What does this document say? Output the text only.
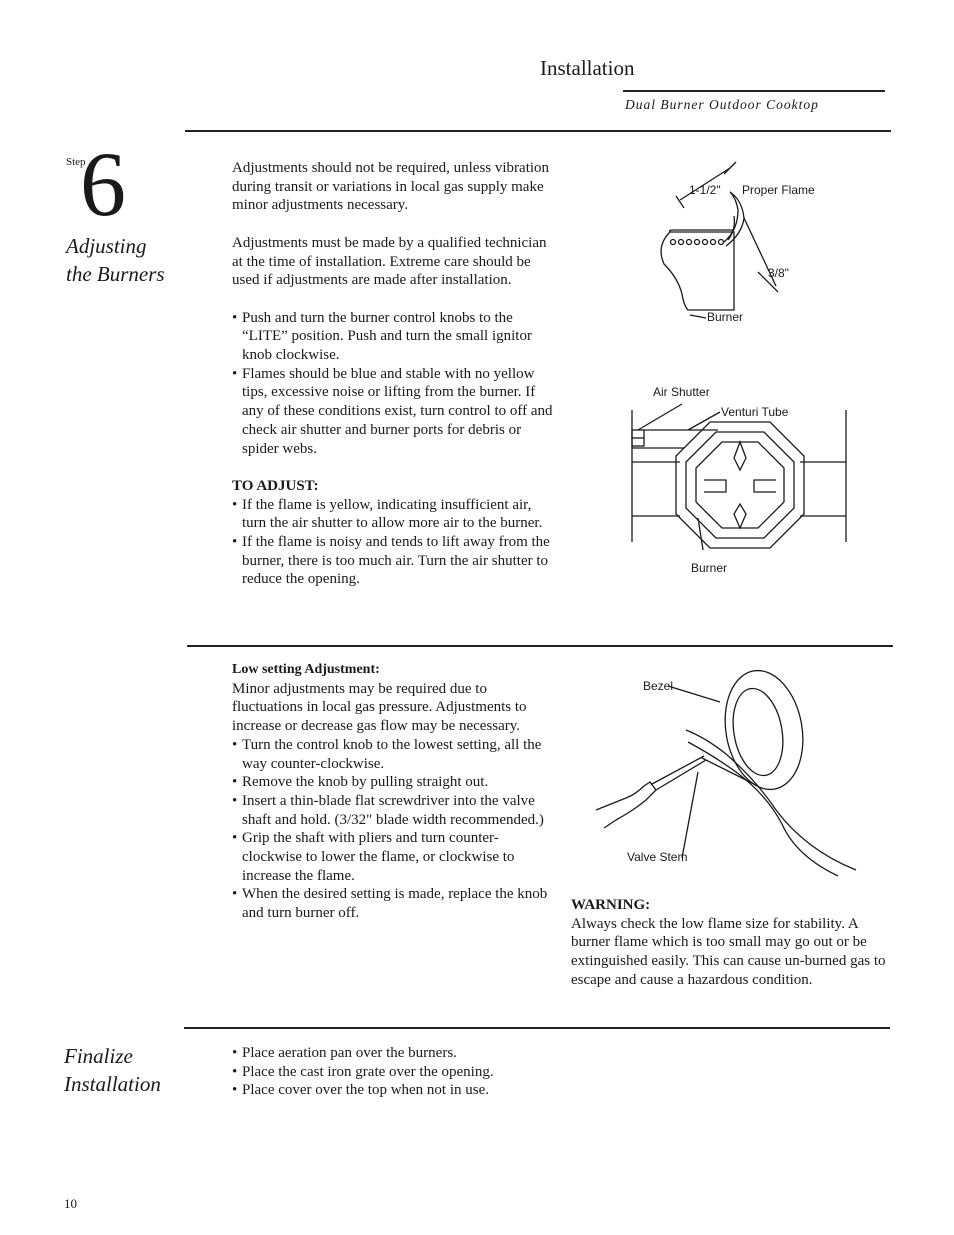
Installation
Dual Burner Outdoor Cooktop
Step
6
Adjusting
the Burners

Adjustments should not be required, unless vibration during transit or variations in local gas supply make minor adjustments necessary.

Adjustments must be made by a qualified technician at the time of installation. Extreme care should be used if adjustments are made after installation.

• Push and turn the burner control knobs to the “LITE” position. Push and turn the small ignitor knob clockwise.
• Flames should be blue and stable with no yellow tips, excessive noise or lifting from the burner. If any of these conditions exist, turn control to off and check air shutter and burner ports for debris or spider webs.
TO ADJUST:
• If the flame is yellow, indicating insufficient air, turn the air shutter to allow more air to the burner.
• If the flame is noisy and tends to lift away from the burner, there is too much air. Turn the air shutter to reduce the opening.
1-1/2" Proper Flame
3/8"
Burner
Air Shutter
Venturi Tube
Burner
Low setting Adjustment:
Minor adjustments may be required due to fluctuations in local gas pressure. Adjustments to increase or decrease gas flow may be necessary.
• Turn the control knob to the lowest setting, all the way counter-clockwise.
• Remove the knob by pulling straight out.
• Insert a thin-blade flat screwdriver into the valve shaft and hold. (3/32" blade width recommended.)
• Grip the shaft with pliers and turn counter-clockwise to lower the flame, or clockwise to increase the flame.
• When the desired setting is made, replace the knob and turn burner off.
Bezel
Valve Stem
WARNING:
Always check the low flame size for stability. A burner flame which is too small may go out or be extinguished easily. This can cause un-burned gas to escape and cause a hazardous condition.
Finalize
Installation
• Place aeration pan over the burners.
• Place the cast iron grate over the opening.
• Place cover over the top when not in use.
10
